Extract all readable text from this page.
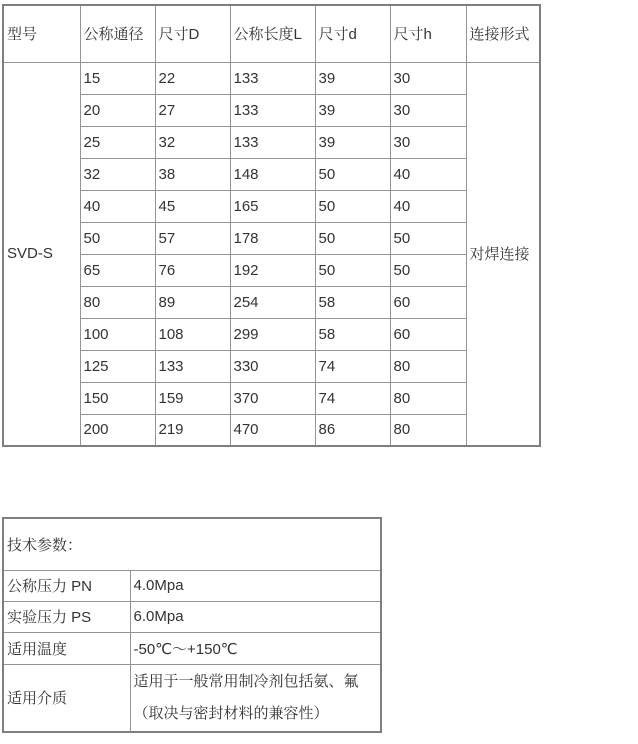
型号	公称通径	尺寸D	公称长度L	尺寸d	尺寸h	连接形式
SVD-S	15	22	133	39	30	对焊连接
	20	27	133	39	30	
	25	32	133	39	30	
	32	38	148	50	40	
	40	45	165	50	40	
	50	57	178	50	50	
	65	76	192	50	50	
	80	89	254	58	60	
	100	108	299	58	60	
	125	133	330	74	80	
	150	159	370	74	80	
	200	219	470	86	80	
技术参数：	
公称压力 PN	4.0Mpa
实验压力 PS	6.0Mpa
适用温度	-50℃～+150℃
适用介质	适用于一般常用制冷剂包括氨、氟（取决与密封材料的兼容性）
